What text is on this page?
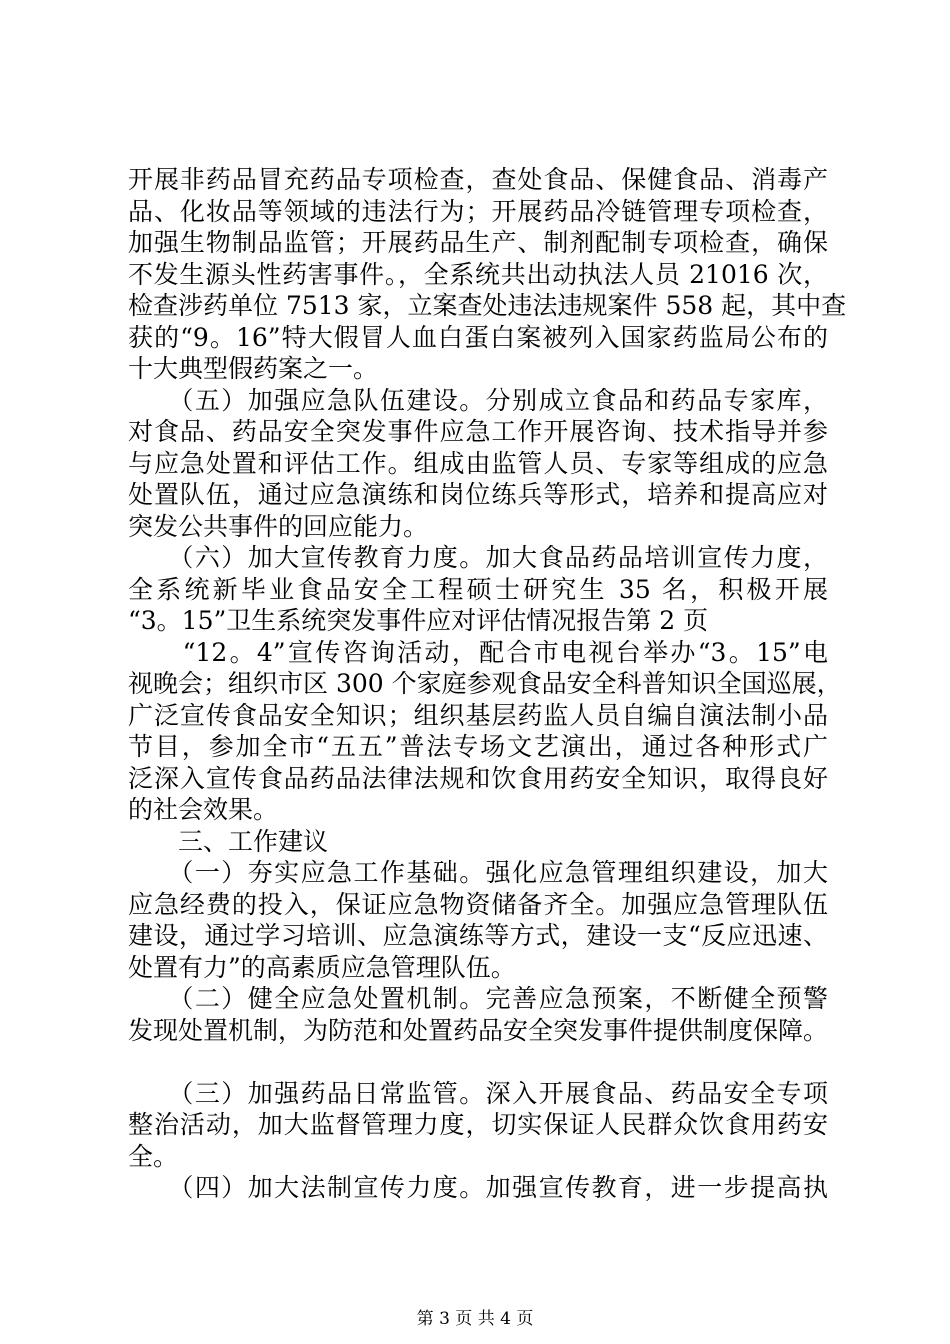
开展非药品冒充药品专项检查，查处食品、保健食品、消毒产
品、化妆品等领域的违法行为；开展药品冷链管理专项检查，
加强生物制品监管；开展药品生产、制剂配制专项检查，确保
不发生源头性药害事件。，全系统共出动执法人员 21016 次，
检查涉药单位 7513 家，立案查处违法违规案件 558 起，其中查
获的“9。16”特大假冒人血白蛋白案被列入国家药监局公布的
十大典型假药案之一。
　　（五）加强应急队伍建设。分别成立食品和药品专家库，
对食品、药品安全突发事件应急工作开展咨询、技术指导并参
与应急处置和评估工作。组成由监管人员、专家等组成的应急
处置队伍，通过应急演练和岗位练兵等形式，培养和提高应对
突发公共事件的回应能力。
　　（六）加大宣传教育力度。加大食品药品培训宣传力度，
全系统新毕业食品安全工程硕士研究生 35 名，积极开展
“3。15”卫生系统突发事件应对评估情况报告第 2 页
　　“12。4”宣传咨询活动，配合市电视台举办“3。15”电
视晚会；组织市区 300 个家庭参观食品安全科普知识全国巡展，
广泛宣传食品安全知识；组织基层药监人员自编自演法制小品
节目，参加全市“五五”普法专场文艺演出，通过各种形式广
泛深入宣传食品药品法律法规和饮食用药安全知识，取得良好
的社会效果。
　　三、工作建议
　　（一）夯实应急工作基础。强化应急管理组织建设，加大
应急经费的投入，保证应急物资储备齐全。加强应急管理队伍
建设，通过学习培训、应急演练等方式，建设一支“反应迅速、
处置有力”的高素质应急管理队伍。
　　（二）健全应急处置机制。完善应急预案，不断健全预警
发现处置机制，为防范和处置药品安全突发事件提供制度保障。
　　（三）加强药品日常监管。深入开展食品、药品安全专项
整治活动，加大监督管理力度，切实保证人民群众饮食用药安
全。
　　（四）加大法制宣传力度。加强宣传教育，进一步提高执
第 3 页 共 4 页
